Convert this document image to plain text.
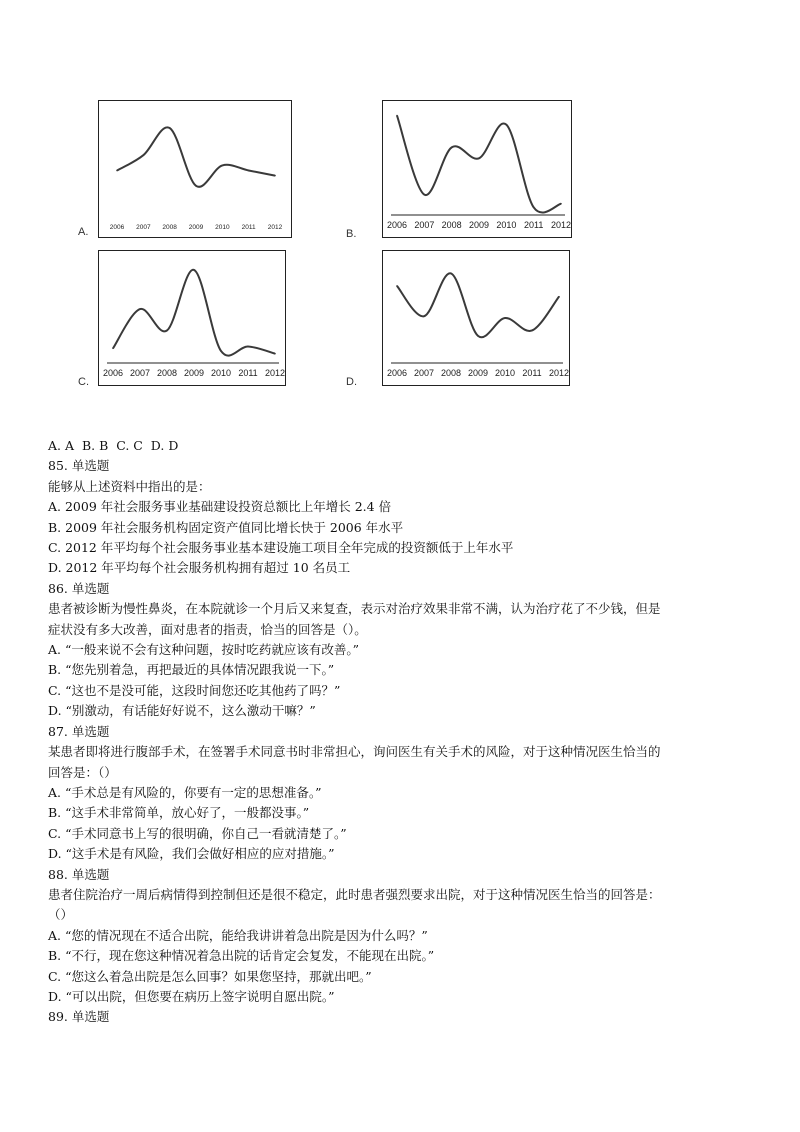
2006 2007 2008 2009 2010 2011 2012
A.
2006 2007 2008 2009 2010 2011 2012
B.
2006 2007 2008 2009 2010 2011 2012
C.
2006 2007 2008 2009 2010 2011 2012
D.

A. A  B. B  C. C  D. D

85. 单选题

能够从上述资料中指出的是：

A. 2009 年社会服务事业基础建设投资总额比上年增长 2.4 倍

B. 2009 年社会服务机构固定资产值同比增长快于 2006 年水平

C. 2012 年平均每个社会服务事业基本建设施工项目全年完成的投资额低于上年水平

D. 2012 年平均每个社会服务机构拥有超过 10 名员工

86. 单选题

患者被诊断为慢性鼻炎，在本院就诊一个月后又来复查，表示对治疗效果非常不满，认为治疗花了不少钱，但是

症状没有多大改善，面对患者的指责，恰当的回答是（）。

A. “一般来说不会有这种问题，按时吃药就应该有改善。”

B. “您先别着急，再把最近的具体情况跟我说一下。”

C. “这也不是没可能，这段时间您还吃其他药了吗？”

D. “别激动，有话能好好说不，这么激动干嘛？”

87. 单选题

某患者即将进行腹部手术，在签署手术同意书时非常担心，询问医生有关手术的风险，对于这种情况医生恰当的

回答是：（）

A. “手术总是有风险的，你要有一定的思想准备。”

B. “这手术非常简单，放心好了，一般都没事。”

C. “手术同意书上写的很明确，你自己一看就清楚了。”

D. “这手术是有风险，我们会做好相应的应对措施。”

88. 单选题

患者住院治疗一周后病情得到控制但还是很不稳定，此时患者强烈要求出院，对于这种情况医生恰当的回答是：

（）

A. “您的情况现在不适合出院，能给我讲讲着急出院是因为什么吗？”

B. “不行，现在您这种情况着急出院的话肯定会复发，不能现在出院。”

C. “您这么着急出院是怎么回事？如果您坚持，那就出吧。”

D. “可以出院，但您要在病历上签字说明自愿出院。”

89. 单选题
